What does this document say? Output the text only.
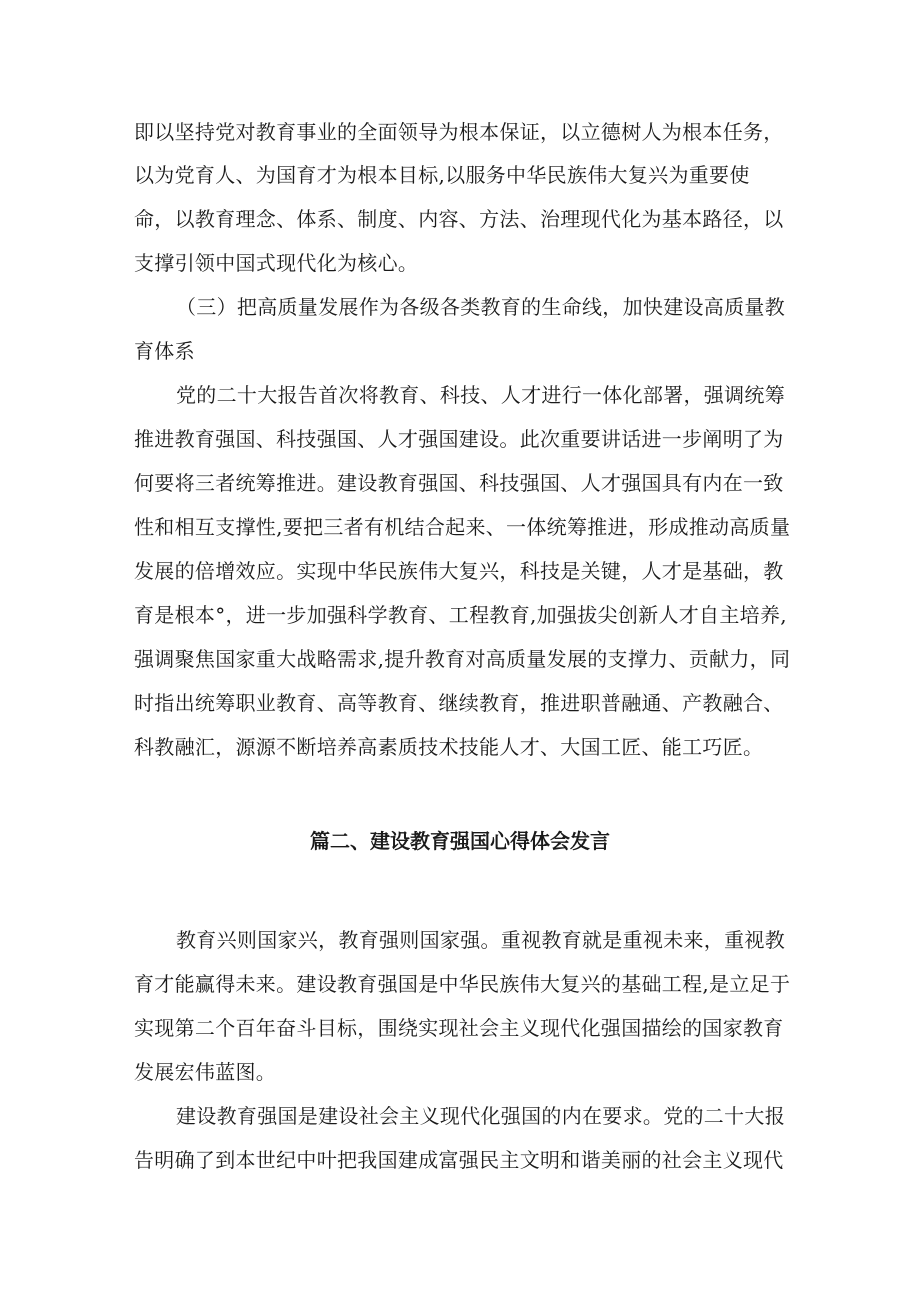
即以坚持党对教育事业的全面领导为根本保证，以立德树人为根本任务，
以为党育人、为国育才为根本目标,以服务中华民族伟大复兴为重要使
命，以教育理念、体系、制度、内容、方法、治理现代化为基本路径，以
支撑引领中国式现代化为核心。
（三）把高质量发展作为各级各类教育的生命线，加快建设高质量教
育体系
党的二十大报告首次将教育、科技、人才进行一体化部署，强调统筹
推进教育强国、科技强国、人才强国建设。此次重要讲话进一步阐明了为
何要将三者统筹推进。建设教育强国、科技强国、人才强国具有内在一致
性和相互支撑性,要把三者有机结合起来、一体统筹推进，形成推动高质量
发展的倍增效应。实现中华民族伟大复兴，科技是关键，人才是基础，教
育是根本°，进一步加强科学教育、工程教育,加强拔尖创新人才自主培养,
强调聚焦国家重大战略需求,提升教育对高质量发展的支撑力、贡献力，同
时指出统筹职业教育、高等教育、继续教育，推进职普融通、产教融合、
科教融汇，源源不断培养高素质技术技能人才、大国工匠、能工巧匠。
篇二、建设教育强国心得体会发言
教育兴则国家兴，教育强则国家强。重视教育就是重视未来，重视教
育才能赢得未来。建设教育强国是中华民族伟大复兴的基础工程,是立足于
实现第二个百年奋斗目标，围绕实现社会主义现代化强国描绘的国家教育
发展宏伟蓝图。
建设教育强国是建设社会主义现代化强国的内在要求。党的二十大报
告明确了到本世纪中叶把我国建成富强民主文明和谐美丽的社会主义现代
